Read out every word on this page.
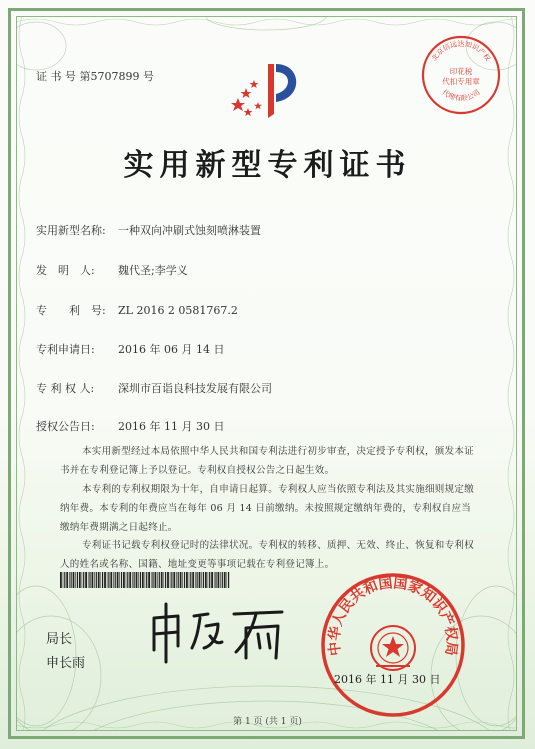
证 书 号 第5707899 号
北京信远达知识产权
代理有限公司
印花税
代扣专用章
实用新型专利证书
实用新型名称: 一种双向冲刷式蚀刻喷淋装置
发　明　人: 魏代圣;李学义
专　　利　号: ZL 2016 2 0581767.2
专利申请日: 2016 年 06 月 14 日
专 利 权 人: 深圳市百诣良科技发展有限公司
授权公告日: 2016 年 11 月 30 日
本实用新型经过本局依照中华人民共和国专利法进行初步审查，决定授予专利权，颁发本证书并在专利登记簿上予以登记。专利权自授权公告之日起生效。
本专利的专利权期限为十年，自申请日起算。专利权人应当依照专利法及其实施细则规定缴纳年费。本专利的年费应当在每年 06 月 14 日前缴纳。未按照规定缴纳年费的，专利权自应当缴纳年费期满之日起终止。
专利证书记载专利权登记时的法律状况。专利权的转移、质押、无效、终止、恢复和专利权人的姓名或名称、国籍、地址变更等事项记载在专利登记簿上。
局长
申长雨
中华人民共和国国家知识产权局
2016 年 11 月 30 日
第 1 页 (共 1 页)
